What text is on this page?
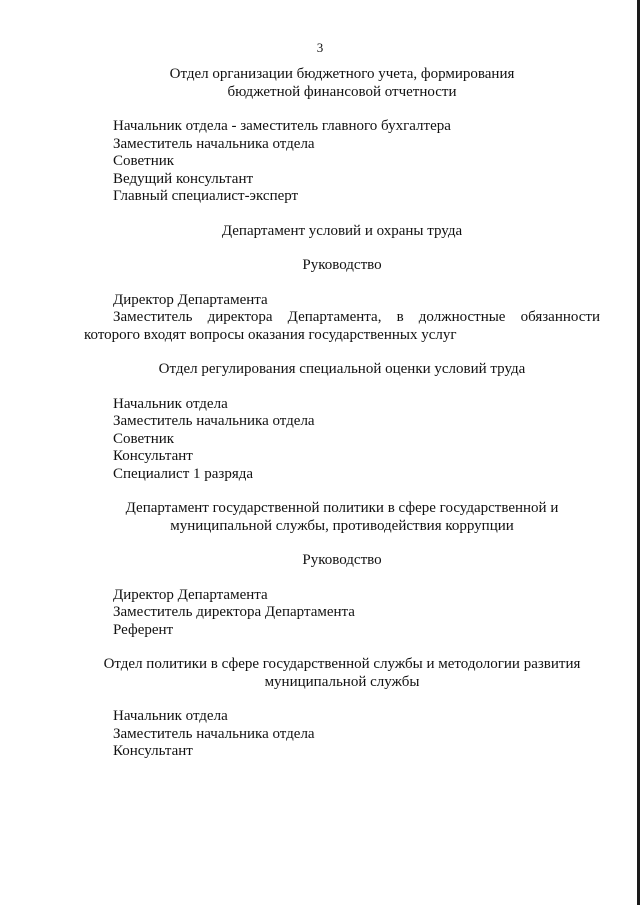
3
Отдел организации бюджетного учета, формирования
бюджетной финансовой отчетности
Начальник отдела - заместитель главного бухгалтера
Заместитель начальника отдела
Советник
Ведущий консультант
Главный специалист-эксперт
Департамент условий и охраны труда
Руководство
Директор Департамента

Заместитель директора Департамента, в должностные обязанности которого входят вопросы оказания государственных услуг

Отдел регулирования специальной оценки условий труда
Начальник отдела
Заместитель начальника отдела
Советник
Консультант
Специалист 1 разряда
Департамент государственной политики в сфере государственной и
муниципальной службы, противодействия коррупции
Руководство
Директор Департамента
Заместитель директора Департамента
Референт
Отдел политики в сфере государственной службы и методологии развития
муниципальной службы
Начальник отдела
Заместитель начальника отдела
Консультант
